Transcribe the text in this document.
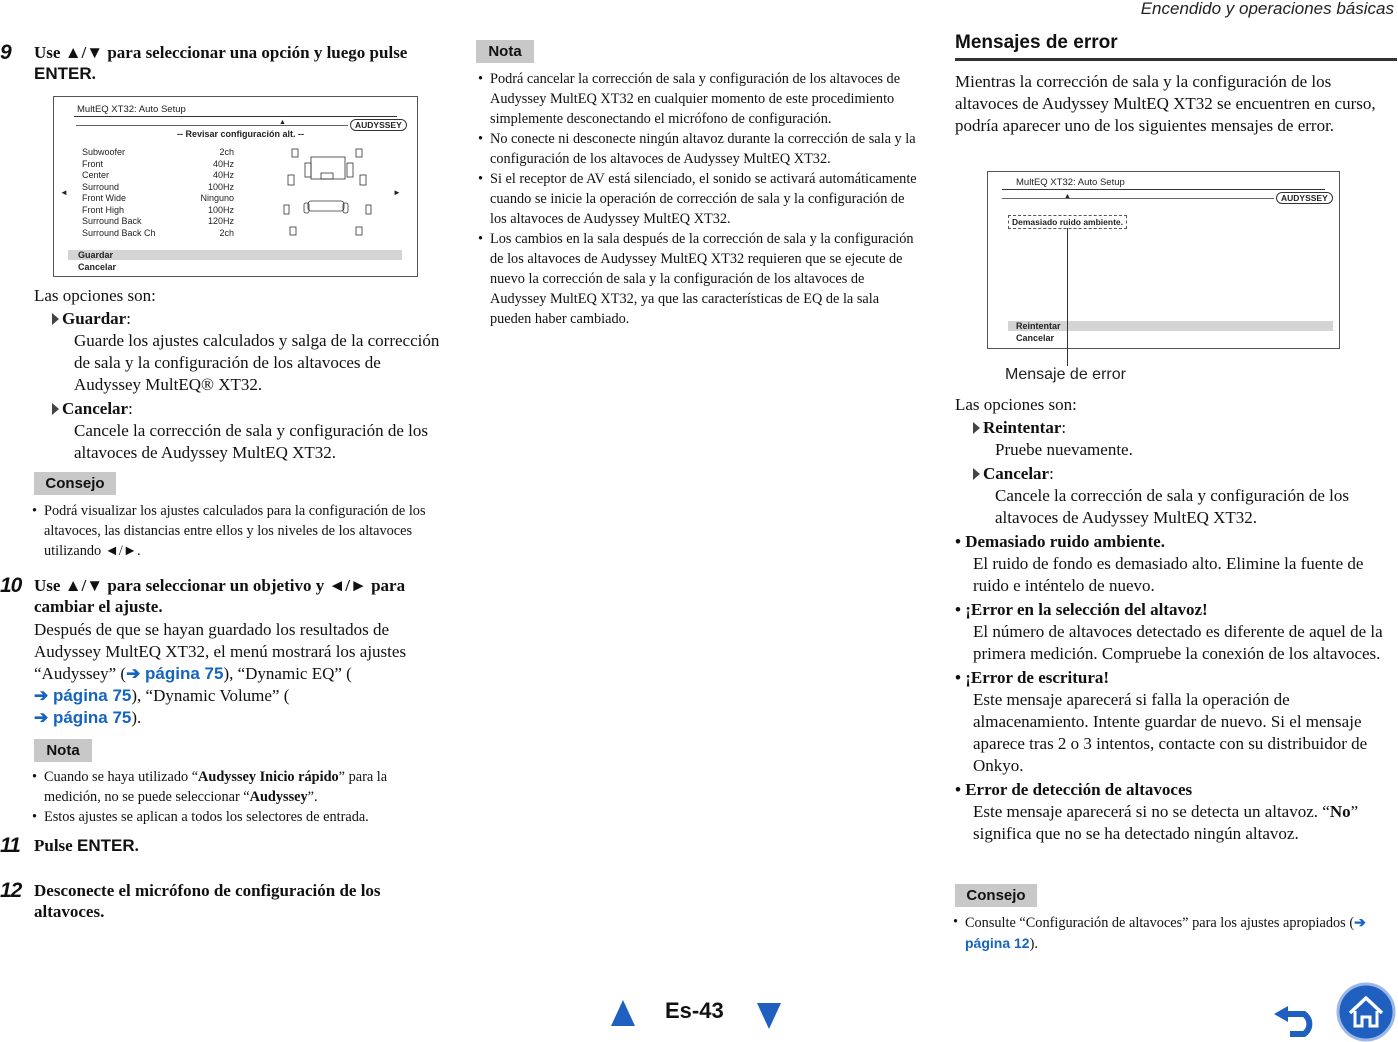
Encendido y operaciones básicas
9	Use ▲/▼ para seleccionar una opción y luego pulse ENTER.
MultEQ XT32: Auto Setup
AUDYSSEY
▲
-- Revisar configuración alt. --
◄	►
Subwoofer	2ch
Front	40Hz
Center	40Hz
Surround	100Hz
Front Wide	Ninguno
Front High	100Hz
Surround Back	120Hz
Surround Back Ch	2ch
Guardar
Cancelar
Las opciones son:
Guardar:
Guarde los ajustes calculados y salga de la corrección de sala y la configuración de los altavoces de Audyssey MultEQ® XT32.
Cancelar:
Cancele la corrección de sala y configuración de los altavoces de Audyssey MultEQ XT32.
Consejo
• Podrá visualizar los ajustes calculados para la configuración de los altavoces, las distancias entre ellos y los niveles de los altavoces utilizando ◄/►.
10 Use ▲/▼ para seleccionar un objetivo y ◄/► para cambiar el ajuste.
Después de que se hayan guardado los resultados de Audyssey MultEQ XT32, el menú mostrará los ajustes “Audyssey” (➔ página 75), “Dynamic EQ” (
➔ página 75), “Dynamic Volume” (
➔ página 75).
Nota
• Cuando se haya utilizado “Audyssey Inicio rápido” para la medición, no se puede seleccionar “Audyssey”.
• Estos ajustes se aplican a todos los selectores de entrada.
11 Pulse ENTER.
12 Desconecte el micrófono de configuración de los altavoces.
Nota
• Podrá cancelar la corrección de sala y configuración de los altavoces de Audyssey MultEQ XT32 en cualquier momento de este procedimiento simplemente desconectando el micrófono de configuración.
• No conecte ni desconecte ningún altavoz durante la corrección de sala y la configuración de los altavoces de Audyssey MultEQ XT32.
• Si el receptor de AV está silenciado, el sonido se activará automáticamente cuando se inicie la operación de corrección de sala y la configuración de los altavoces de Audyssey MultEQ XT32.
• Los cambios en la sala después de la corrección de sala y la configuración de los altavoces de Audyssey MultEQ XT32 requieren que se ejecute de nuevo la corrección de sala y la configuración de los altavoces de Audyssey MultEQ XT32, ya que las características de EQ de la sala pueden haber cambiado.
Mensajes de error
Mientras la corrección de sala y la configuración de los altavoces de Audyssey MultEQ XT32 se encuentren en curso, podría aparecer uno de los siguientes mensajes de error.
MultEQ XT32: Auto Setup
AUDYSSEY
▲
Demasiado ruido ambiente.
Reintentar
Cancelar
Mensaje de error
Las opciones son:
Reintentar:
Pruebe nuevamente.
Cancelar:
Cancele la corrección de sala y configuración de los altavoces de Audyssey MultEQ XT32.
• Demasiado ruido ambiente.
El ruido de fondo es demasiado alto. Elimine la fuente de ruido e inténtelo de nuevo.
• ¡Error en la selección del altavoz!
El número de altavoces detectado es diferente de aquel de la primera medición. Compruebe la conexión de los altavoces.
• ¡Error de escritura!
Este mensaje aparecerá si falla la operación de almacenamiento. Intente guardar de nuevo. Si el mensaje aparece tras 2 o 3 intentos, contacte con su distribuidor de Onkyo.
• Error de detección de altavoces
Este mensaje aparecerá si no se detecta un altavoz. “No” significa que no se ha detectado ningún altavoz.
Consejo
• Consulte “Configuración de altavoces” para los ajustes apropiados (➔ página 12).
Es-43
